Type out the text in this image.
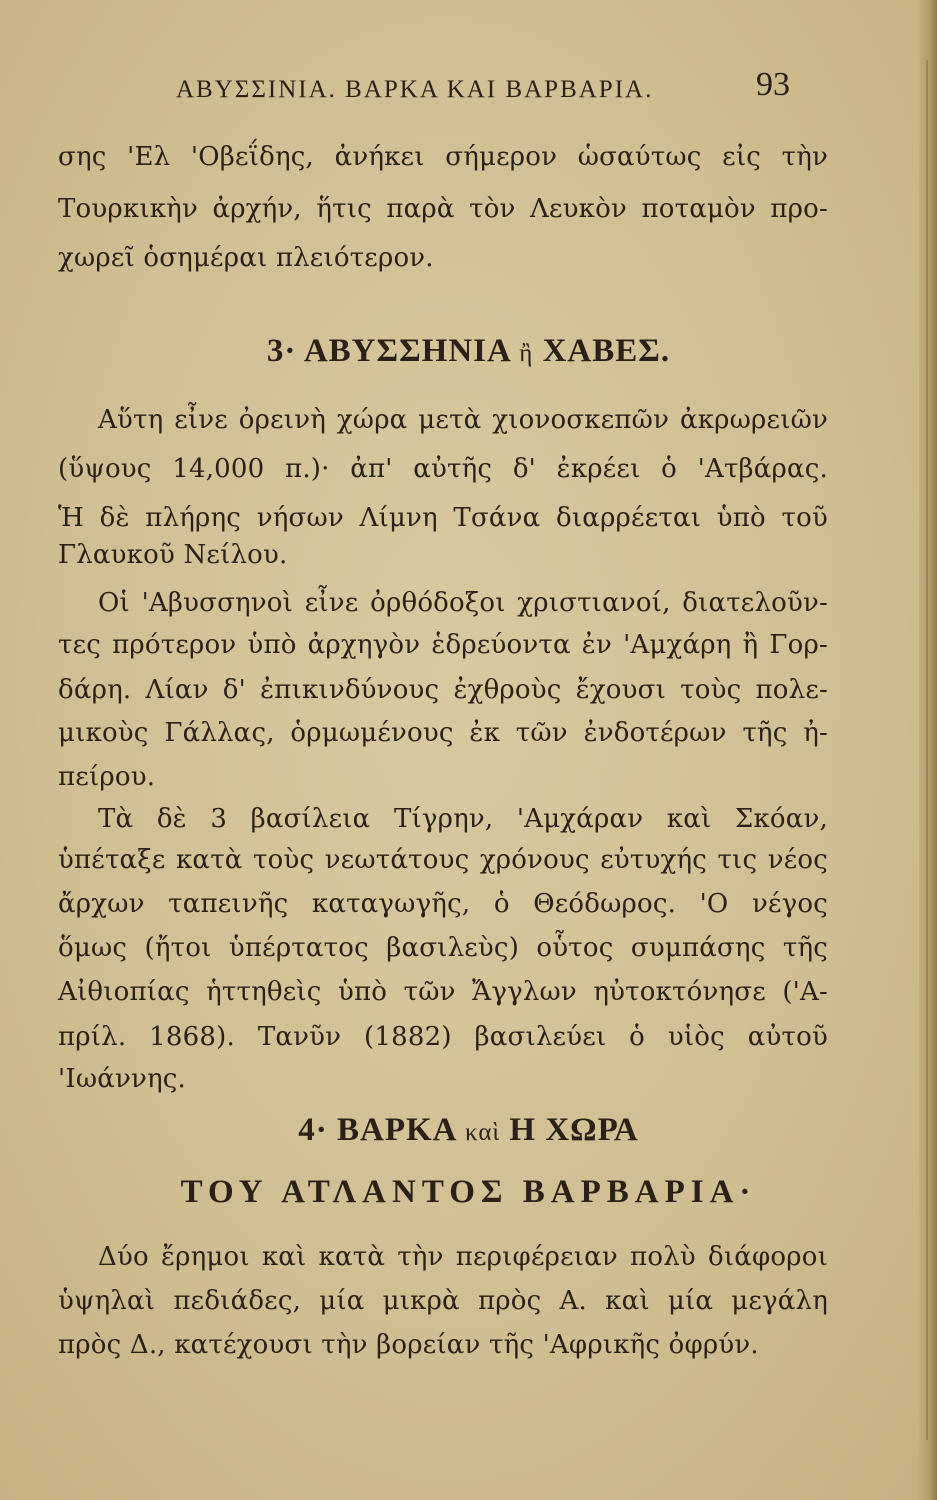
ΑΒΥΣΣΙΝΙΑ. ΒΑΡΚΑ ΚΑΙ ΒΑΡΒΑΡΙΑ.	93
σης 'Ελ 'Οβεΐδης, ἀνήκει σήμερον ὡσαύτως εἰς τὴν
Τουρκικὴν ἀρχήν, ἥτις παρὰ τὸν Λευκὸν ποταμὸν προ-
χωρεῖ ὁσημέραι πλειότερον.
3· ΑΒΥΣΣΗΝΙΑ ἢ ΧΑΒΕΣ.
Αὕτη εἶνε ὀρεινὴ χώρα μετὰ χιονοσκεπῶν ἀκρωρειῶν
(ὕψους 14,000 π.)· ἀπ' αὐτῆς δ' ἐκρέει ὁ 'Ατβάρας.
Ἡ δὲ πλήρης νήσων Λίμνη Τσάνα διαρρέεται ὑπὸ τοῦ
Γλαυκοῦ Νείλου.
Οἱ 'Αβυσσηνοὶ εἶνε ὀρθόδοξοι χριστιανοί, διατελοῦν-
τες πρότερον ὑπὸ ἀρχηγὸν ἑδρεύοντα ἐν 'Αμχάρη ἢ Γορ-
δάρη. Λίαν δ' ἐπικινδύνους ἐχθροὺς ἔχουσι τοὺς πολε-
μικοὺς Γάλλας, ὁρμωμένους ἐκ τῶν ἐνδοτέρων τῆς ἠ-
πείρου.
Τὰ δὲ 3 βασίλεια Τίγρην, 'Αμχάραν καὶ Σκόαν,
ὑπέταξε κατὰ τοὺς νεωτάτους χρόνους εὐτυχής τις νέος
ἄρχων ταπεινῆς καταγωγῆς, ὁ Θεόδωρος. 'Ο νέγος
ὅμως (ἤτοι ὑπέρτατος βασιλεὺς) οὗτος συμπάσης τῆς
Αἰθιοπίας ἡττηθεὶς ὑπὸ τῶν Ἄγγλων ηὐτοκτόνησε ('Α-
πρίλ. 1868). Τανῦν (1882) βασιλεύει ὁ υἱὸς αὐτοῦ
'Ιωάννης.
4· ΒΑΡΚΑ καὶ Η ΧΩΡΑ
ΤΟΥ ΑΤΛΑΝΤΟΣ ΒΑΡΒΑΡΙΑ·
Δύο ἔρημοι καὶ κατὰ τὴν περιφέρειαν πολὺ διάφοροι
ὑψηλαὶ πεδιάδες, μία μικρὰ πρὸς Α. καὶ μία μεγάλη
πρὸς Δ., κατέχουσι τὴν βορείαν τῆς 'Αφρικῆς ὀφρύν.
